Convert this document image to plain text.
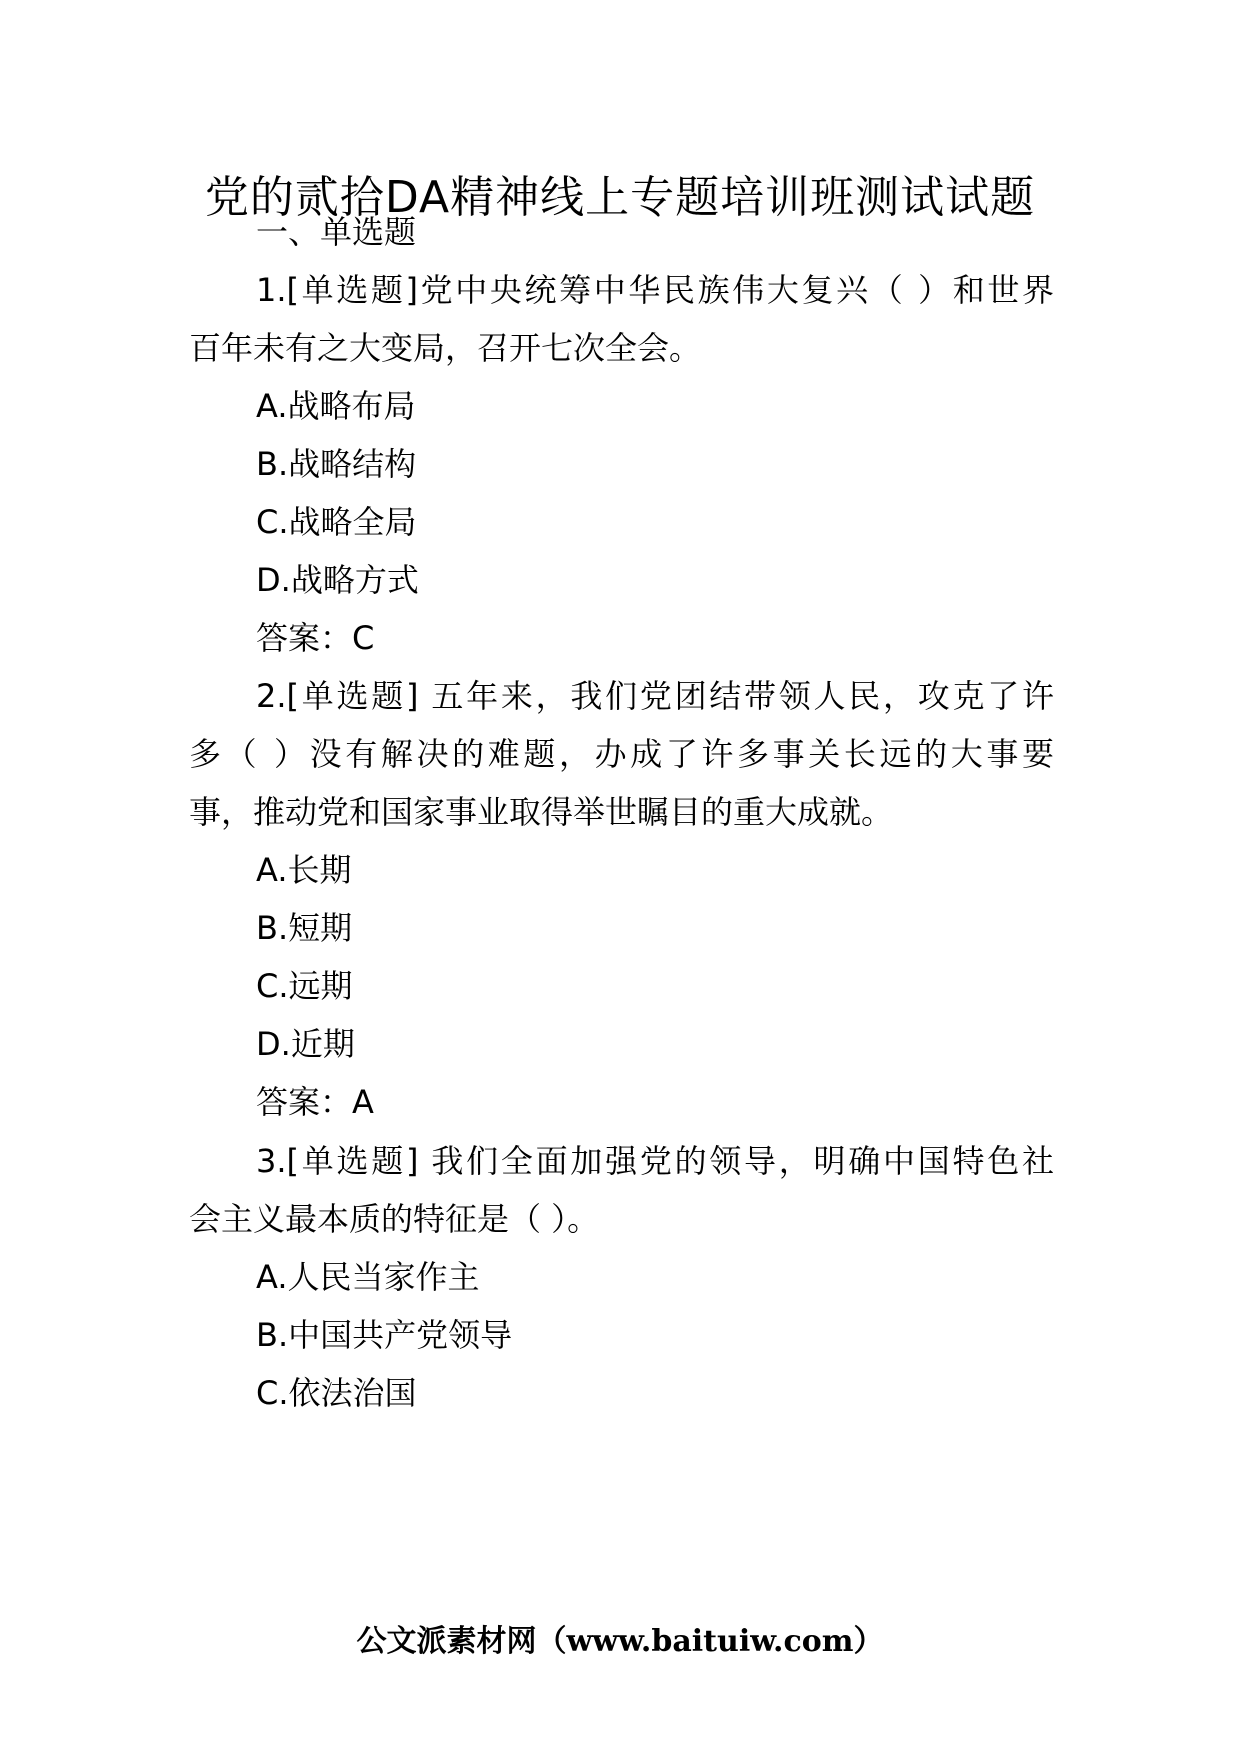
党的贰拾DA精神线上专题培训班测试试题
一、单选题
1.[单选题]党中央统筹中华民族伟大复兴（ ）和世界
百年未有之大变局，召开七次全会。
A.战略布局
B.战略结构
C.战略全局
D.战略方式
答案：C
2.[单选题] 五年来，我们党团结带领人民，攻克了许
多（ ）没有解决的难题，办成了许多事关长远的大事要
事，推动党和国家事业取得举世瞩目的重大成就。
A.长期
B.短期
C.远期
D.近期
答案：A
3.[单选题] 我们全面加强党的领导，明确中国特色社
会主义最本质的特征是（ ）。
A.人民当家作主
B.中国共产党领导
C.依法治国
公文派素材网（www.baituiw.com）
